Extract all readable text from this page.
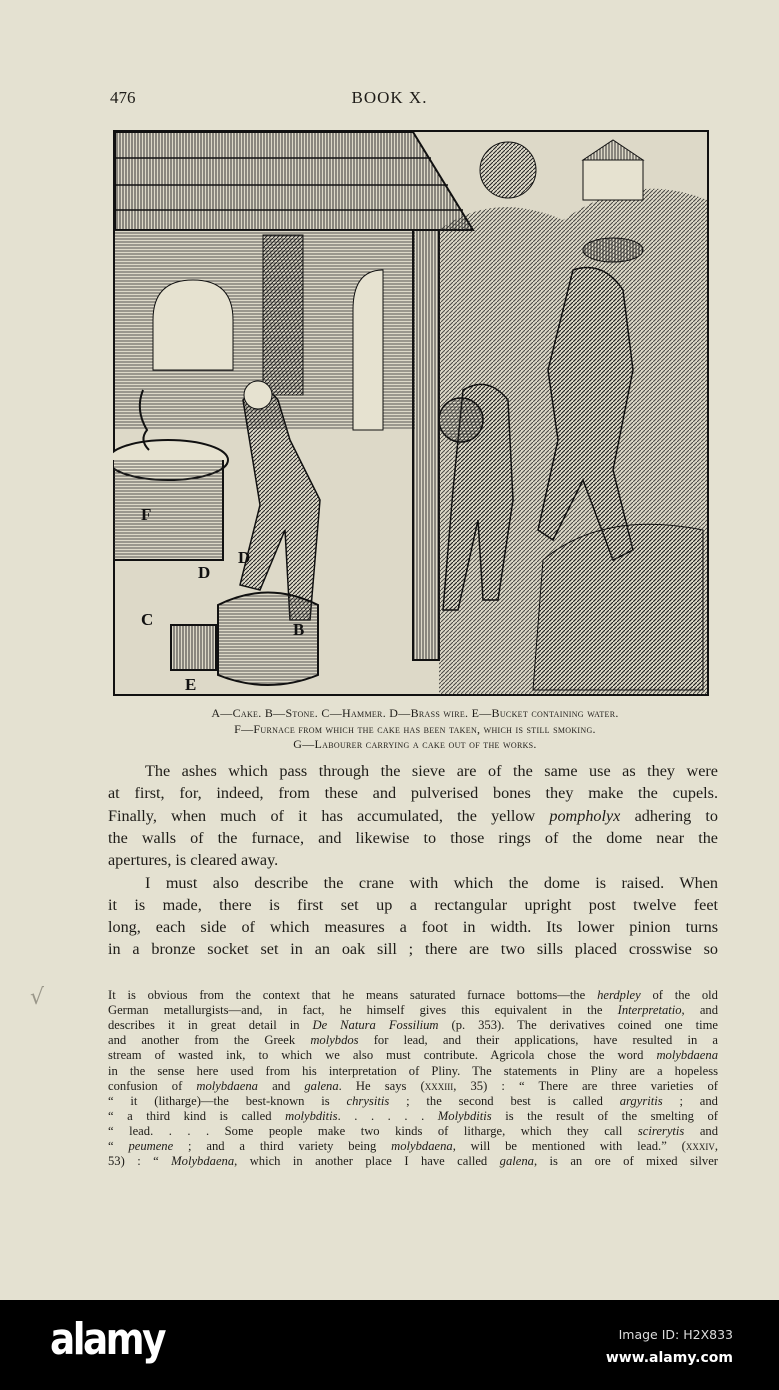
476	BOOK X.
F
D
D
C
B
E
A—Cake. B—Stone. C—Hammer. D—Brass wire. E—Bucket containing water.
F—Furnace from which the cake has been taken, which is still smoking.
G—Labourer carrying a cake out of the works.
The ashes which pass through the sieve are of the same use as they were
at first, for, indeed, from these and pulverised bones they make the cupels.
Finally, when much of it has accumulated, the yellow pompholyx adhering to
the walls of the furnace, and likewise to those rings of the dome near the
apertures, is cleared away.
I must also describe the crane with which the dome is raised. When
it is made, there is first set up a rectangular upright post twelve feet
long, each side of which measures a foot in width. Its lower pinion turns
in a bronze socket set in an oak sill ; there are two sills placed crosswise so
It is obvious from the context that he means saturated furnace bottoms—the herdpley of the old
German metallurgists—and, in fact, he himself gives this equivalent in the Interpretatio, and
describes it in great detail in De Natura Fossilium (p. 353). The derivatives coined one time
and another from the Greek molybdos for lead, and their applications, have resulted in a
stream of wasted ink, to which we also must contribute. Agricola chose the word molybdaena
in the sense here used from his interpretation of Pliny. The statements in Pliny are a hopeless
confusion of molybdaena and galena. He says (xxxiii, 35) : “ There are three varieties of
“ it (litharge)—the best-known is chrysitis ; the second best is called argyritis ; and
“ a third kind is called molybditis. . . . . . Molybditis is the result of the smelting of
“ lead. . . . Some people make two kinds of litharge, which they call scirerytis and
“ peumene ; and a third variety being molybdaena, will be mentioned with lead.” (xxxiv,
53) : “ Molybdaena, which in another place I have called galena, is an ore of mixed silver
√
alamy	Image ID: H2X833
www.alamy.com
